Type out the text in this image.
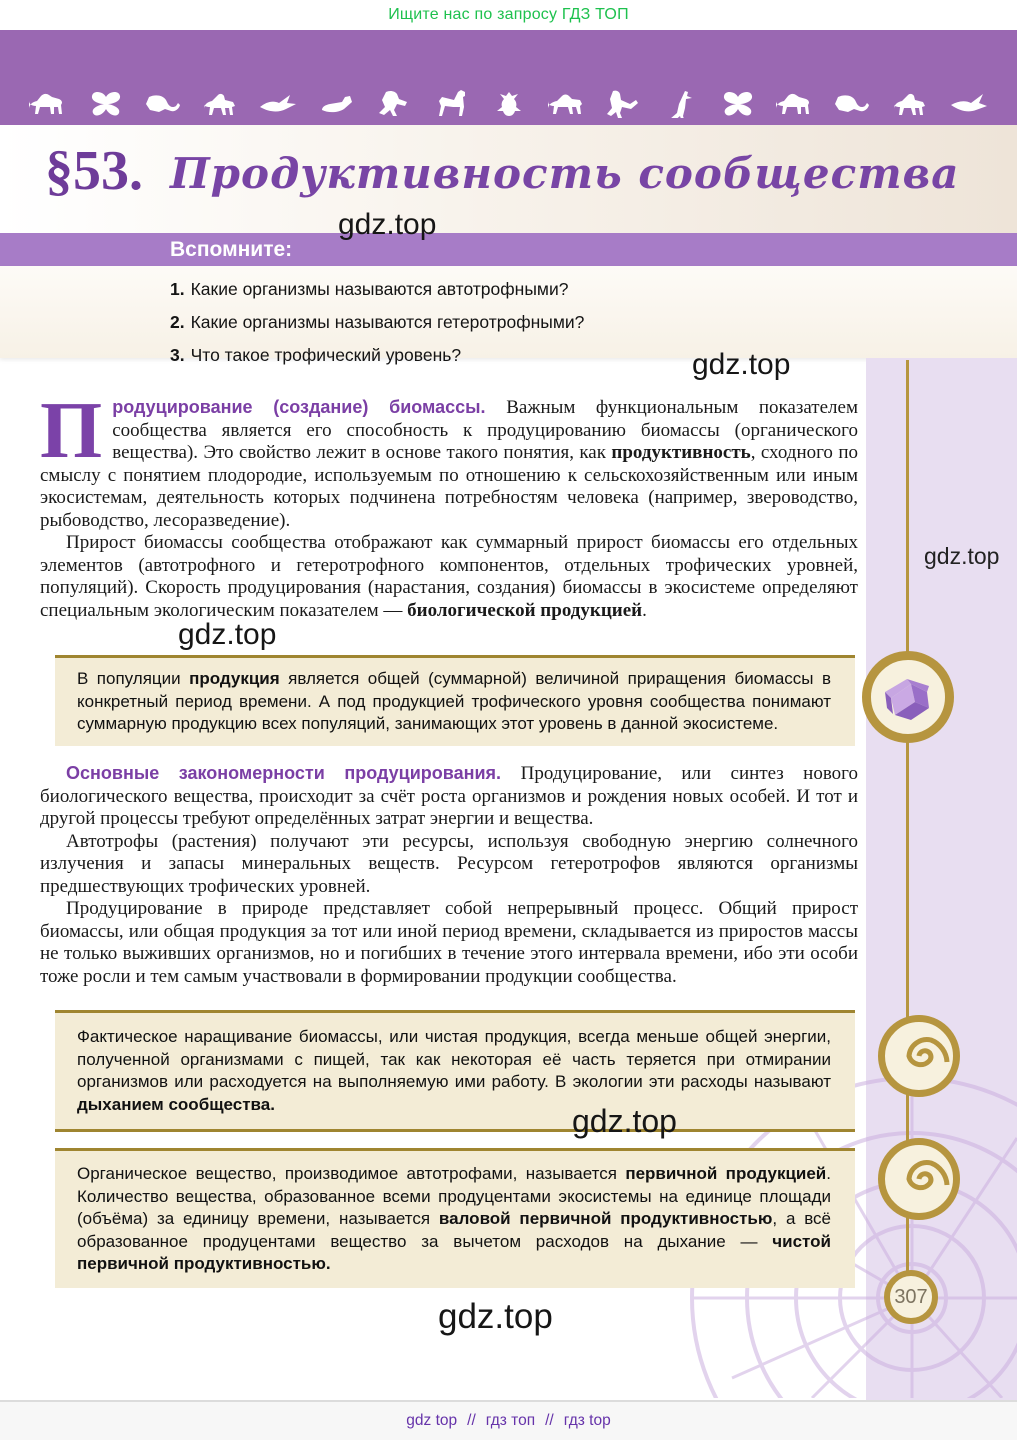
Ищите нас по запросу ГДЗ ТОП
§53. Продуктивность сообщества
Вспомните:
1. Какие организмы называются автотрофными?
2. Какие организмы называются гетеротрофными?
3. Что такое трофический уровень?

Продуцирование (создание) биомассы. Важным функциональным показателем сообщества является его способность к продуцированию биомассы (органического вещества). Это свойство лежит в основе такого понятия, как продуктивность, сходного по смыслу с понятием плодородие, используемым по отношению к сельскохозяйственным или иным экосистемам, деятельность которых подчинена потребностям человека (например, звероводство, рыбоводство, лесоразведение).

Прирост биомассы сообщества отображают как суммарный прирост биомассы его отдельных элементов (автотрофного и гетеротрофного компонентов, отдельных трофических уровней, популяций). Скорость продуцирования (нарастания, создания) биомассы в экосистеме определяют специальным экологическим показателем — биологической продукцией.

В популяции продукция является общей (суммарной) величиной приращения биомассы в конкретный период времени. А под продукцией трофического уровня сообщества понимают суммарную продукцию всех популяций, занимающих этот уровень в данной экосистеме.

Основные закономерности продуцирования. Продуцирование, или синтез нового биологического вещества, происходит за счёт роста организмов и рождения новых особей. И тот и другой процессы требуют определённых затрат энергии и вещества.

Автотрофы (растения) получают эти ресурсы, используя свободную энергию солнечного излучения и запасы минеральных веществ. Ресурсом гетеротрофов являются организмы предшествующих трофических уровней.

Продуцирование в природе представляет собой непрерывный процесс. Общий прирост биомассы, или общая продукция за тот или иной период времени, складывается из приростов массы не только выживших организмов, но и погибших в течение этого интервала времени, ибо эти особи тоже росли и тем самым участвовали в формировании продукции сообщества.

Фактическое наращивание биомассы, или чистая продукция, всегда меньше общей энергии, полученной организмами с пищей, так как некоторая её часть теряется при отмирании организмов или расходуется на выполняемую ими работу. В экологии эти расходы называют дыханием сообщества.
Органическое вещество, производимое автотрофами, называется первичной продукцией. Количество вещества, образованное всеми продуцентами экосистемы на единице площади (объёма) за единицу времени, называется валовой первичной продуктивностью, а всё образованное продуцентами вещество за вычетом расходов на дыхание — чистой первичной продуктивностью.
307
gdz.top
gdz.top
gdz.top
gdz.top
gdz.top
gdz.top
gdz top // гдз топ // гдз top
